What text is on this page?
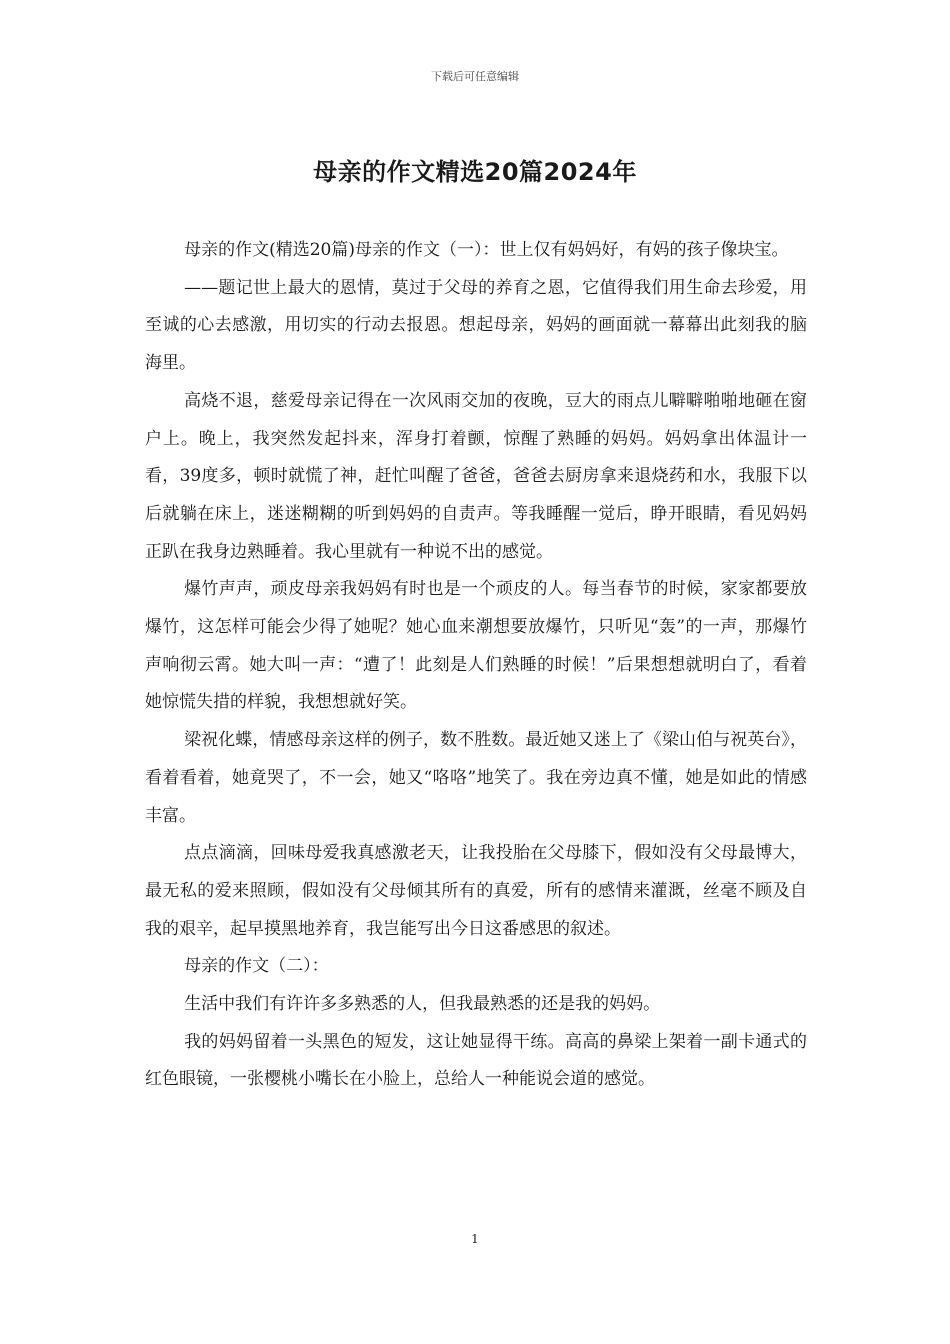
下载后可任意编辑
母亲的作文精选20篇2024年

母亲的作文(精选20篇)母亲的作文（一）：世上仅有妈妈好，有妈的孩子像块宝。

——题记世上最大的恩情，莫过于父母的养育之恩，它值得我们用生命去珍爱，用至诚的心去感激，用切实的行动去报恩。想起母亲，妈妈的画面就一幕幕出此刻我的脑海里。

高烧不退，慈爱母亲记得在一次风雨交加的夜晚，豆大的雨点儿噼噼啪啪地砸在窗户上。晚上，我突然发起抖来，浑身打着颤，惊醒了熟睡的妈妈。妈妈拿出体温计一看，39度多，顿时就慌了神，赶忙叫醒了爸爸，爸爸去厨房拿来退烧药和水，我服下以后就躺在床上，迷迷糊糊的听到妈妈的自责声。等我睡醒一觉后，睁开眼睛，看见妈妈正趴在我身边熟睡着。我心里就有一种说不出的感觉。

爆竹声声，顽皮母亲我妈妈有时也是一个顽皮的人。每当春节的时候，家家都要放爆竹，这怎样可能会少得了她呢？她心血来潮想要放爆竹，只听见“轰”的一声，那爆竹声响彻云霄。她大叫一声：“遭了！此刻是人们熟睡的时候！”后果想想就明白了，看着她惊慌失措的样貌，我想想就好笑。

梁祝化蝶，情感母亲这样的例子，数不胜数。最近她又迷上了《梁山伯与祝英台》，看着看着，她竟哭了，不一会，她又“咯咯”地笑了。我在旁边真不懂，她是如此的情感丰富。

点点滴滴，回味母爱我真感激老天，让我投胎在父母膝下，假如没有父母最博大，最无私的爱来照顾，假如没有父母倾其所有的真爱，所有的感情来灌溉，丝毫不顾及自我的艰辛，起早摸黑地养育，我岂能写出今日这番感思的叙述。

母亲的作文（二）：

生活中我们有许许多多熟悉的人，但我最熟悉的还是我的妈妈。

我的妈妈留着一头黑色的短发，这让她显得干练。高高的鼻梁上架着一副卡通式的红色眼镜，一张樱桃小嘴长在小脸上，总给人一种能说会道的感觉。

1
